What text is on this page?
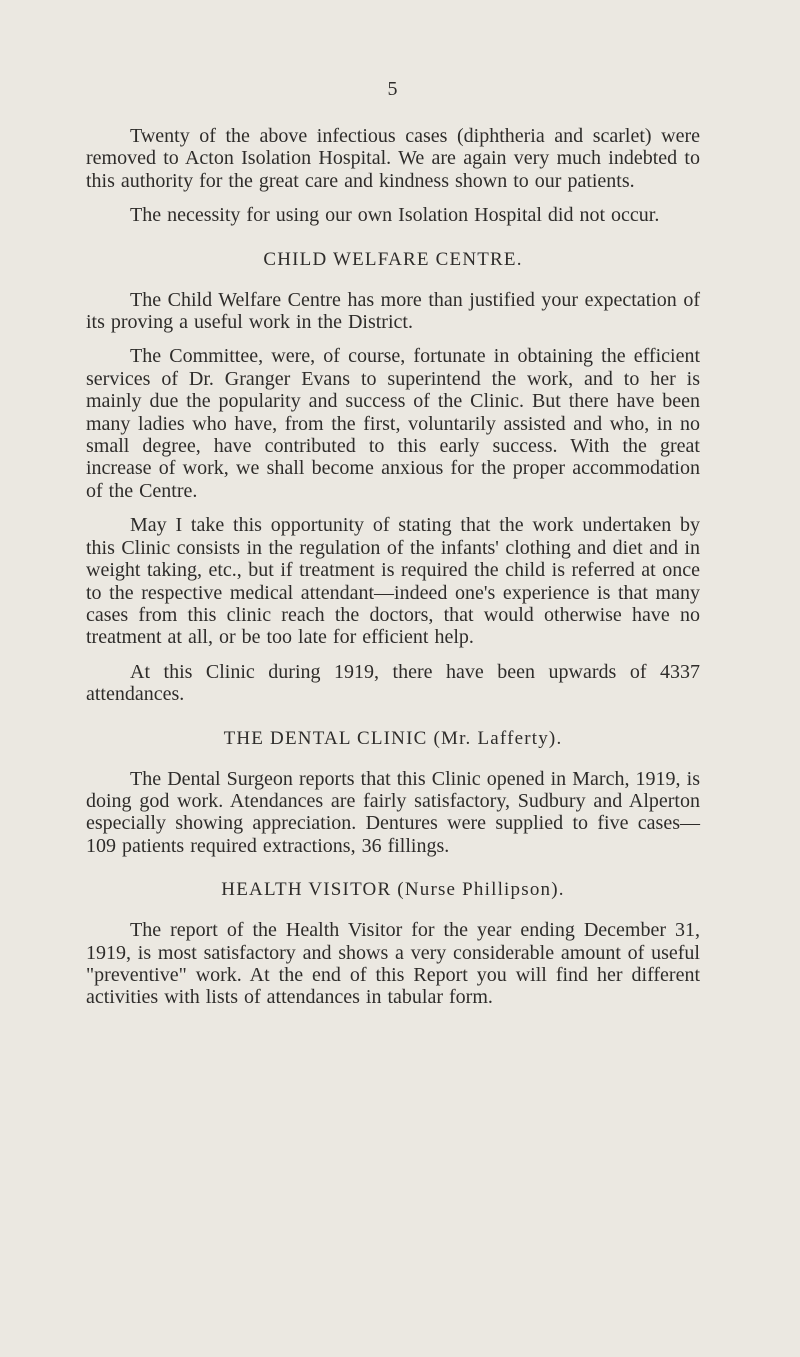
5

Twenty of the above infectious cases (diphtheria and scarlet) were removed to Acton Isolation Hospital. We are again very much indebted to this authority for the great care and kindness shown to our patients.

The necessity for using our own Isolation Hospital did not occur.

CHILD WELFARE CENTRE.

The Child Welfare Centre has more than justified your expectation of its proving a useful work in the District.

The Committee, were, of course, fortunate in obtaining the efficient services of Dr. Granger Evans to superintend the work, and to her is mainly due the popularity and success of the Clinic. But there have been many ladies who have, from the first, voluntarily assisted and who, in no small degree, have contributed to this early success. With the great increase of work, we shall become anxious for the proper accommodation of the Centre.

May I take this opportunity of stating that the work undertaken by this Clinic consists in the regulation of the infants' clothing and diet and in weight taking, etc., but if treatment is required the child is referred at once to the respective medical attendant—indeed one's experience is that many cases from this clinic reach the doctors, that would otherwise have no treatment at all, or be too late for efficient help.

At this Clinic during 1919, there have been upwards of 4337 attendances.

THE DENTAL CLINIC (Mr. Lafferty).

The Dental Surgeon reports that this Clinic opened in March, 1919, is doing god work. Atendances are fairly satisfactory, Sudbury and Alperton especially showing appreciation. Dentures were supplied to five cases—109 patients required extractions, 36 fillings.

HEALTH VISITOR (Nurse Phillipson).

The report of the Health Visitor for the year ending December 31, 1919, is most satisfactory and shows a very considerable amount of useful "preventive" work. At the end of this Report you will find her different activities with lists of attendances in tabular form.
